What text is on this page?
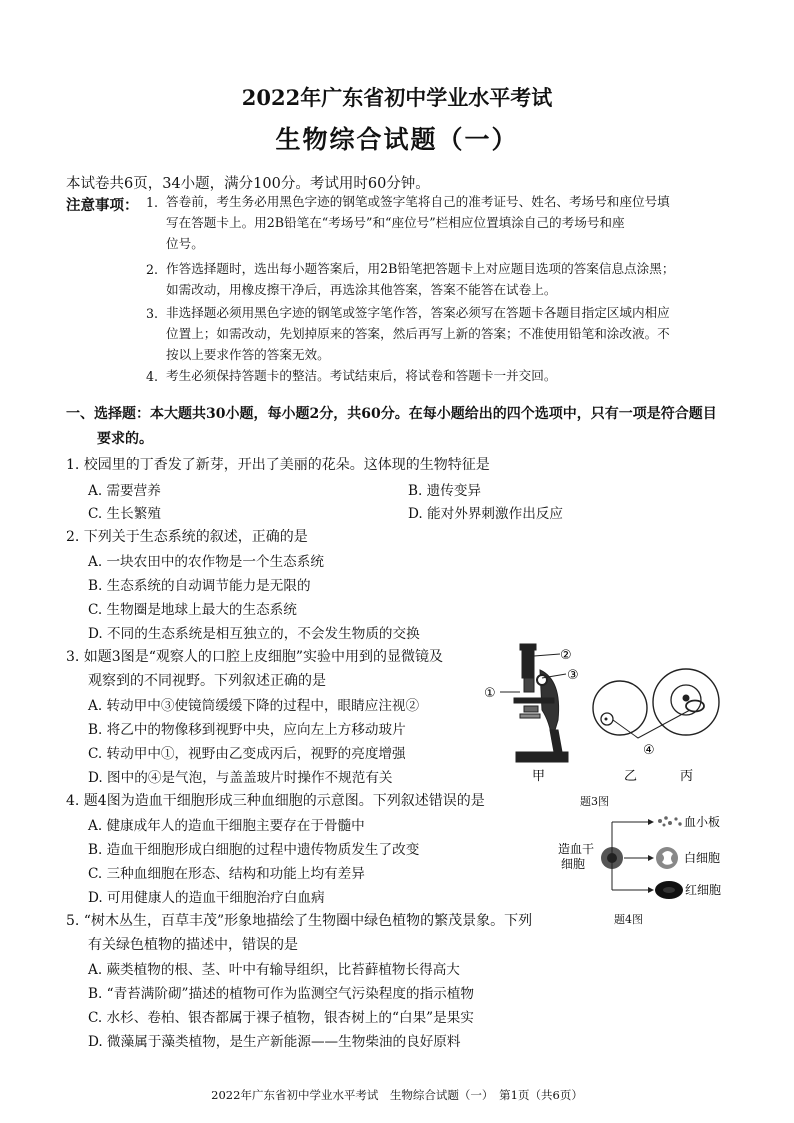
2022年广东省初中学业水平考试
生物综合试题（一）
本试卷共6页，34小题，满分100分。考试用时60分钟。
注意事项： 1. 答卷前，考生务必用黑色字迹的钢笔或签字笔将自己的准考证号、姓名、考场号和座位号填
写在答题卡上。用2B铅笔在“考场号”和“座位号”栏相应位置填涂自己的考场号和座
位号。
2. 作答选择题时，选出每小题答案后，用2B铅笔把答题卡上对应题目选项的答案信息点涂黑；
如需改动，用橡皮擦干净后，再选涂其他答案，答案不能答在试卷上。
3. 非选择题必须用黑色字迹的钢笔或签字笔作答，答案必须写在答题卡各题目指定区域内相应
位置上；如需改动，先划掉原来的答案，然后再写上新的答案；不准使用铅笔和涂改液。不
按以上要求作答的答案无效。
4. 考生必须保持答题卡的整洁。考试结束后，将试卷和答题卡一并交回。
一、选择题：本大题共30小题，每小题2分，共60分。在每小题给出的四个选项中，只有一项是符合题目
要求的。
1. 校园里的丁香发了新芽，开出了美丽的花朵。这体现的生物特征是
A. 需要营养	B. 遗传变异
C. 生长繁殖	D. 能对外界刺激作出反应
2. 下列关于生态系统的叙述，正确的是
A. 一块农田中的农作物是一个生态系统
B. 生态系统的自动调节能力是无限的
C. 生物圈是地球上最大的生态系统
D. 不同的生态系统是相互独立的，不会发生物质的交换
3. 如题3图是“观察人的口腔上皮细胞”实验中用到的显微镜及
观察到的不同视野。下列叙述正确的是
A. 转动甲中③使镜筒缓缓下降的过程中，眼睛应注视②
B. 将乙中的物像移到视野中央，应向左上方移动玻片
C. 转动甲中①，视野由乙变成丙后，视野的亮度增强
D. 图中的④是气泡，与盖盖玻片时操作不规范有关
②
③
①
④
甲	乙	丙
题3图
4. 题4图为造血干细胞形成三种血细胞的示意图。下列叙述错误的是
A. 健康成年人的造血干细胞主要存在于骨髓中
B. 造血干细胞形成白细胞的过程中遗传物质发生了改变
C. 三种血细胞在形态、结构和功能上均有差异
D. 可用健康人的造血干细胞治疗白血病
造血干
细胞
血小板
白细胞
红细胞
题4图
5. “树木丛生，百草丰茂”形象地描绘了生物圈中绿色植物的繁茂景象。下列
有关绿色植物的描述中，错误的是
A. 蕨类植物的根、茎、叶中有输导组织，比苔藓植物长得高大
B. “青苔满阶砌”描述的植物可作为监测空气污染程度的指示植物
C. 水杉、卷柏、银杏都属于裸子植物，银杏树上的“白果”是果实
D. 微藻属于藻类植物，是生产新能源——生物柴油的良好原料
2022年广东省初中学业水平考试　生物综合试题（一）　第1页（共6页）
